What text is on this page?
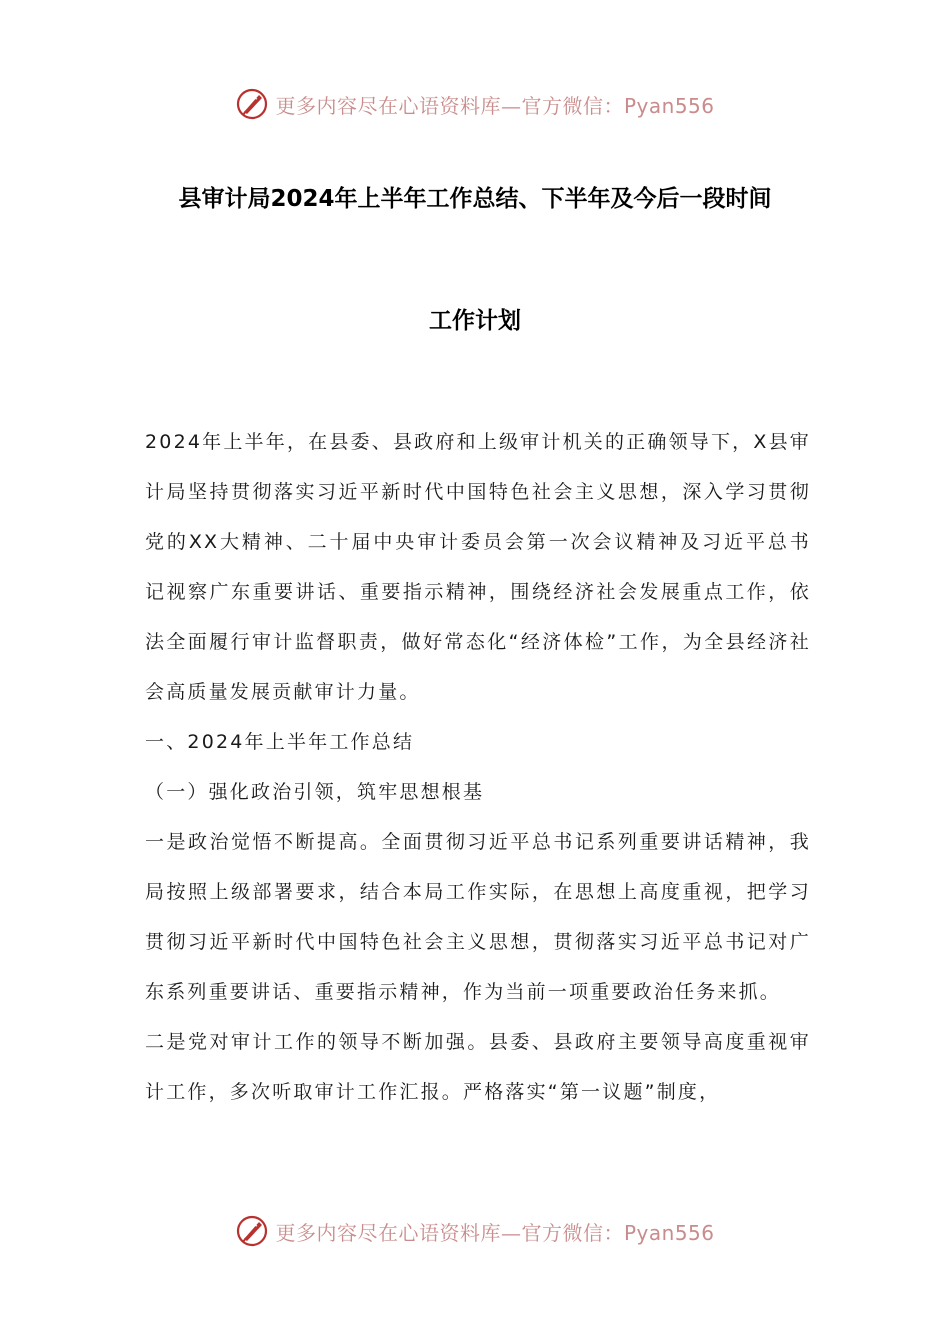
更多内容尽在心语资料库—官方微信：Pyan556
县审计局2024年上半年工作总结、下半年及今后一段时间
工作计划

2024年上半年，在县委、县政府和上级审计机关的正确领导下，X县审计局坚持贯彻落实习近平新时代中国特色社会主义思想，深入学习贯彻党的XX大精神、二十届中央审计委员会第一次会议精神及习近平总书记视察广东重要讲话、重要指示精神，围绕经济社会发展重点工作，依法全面履行审计监督职责，做好常态化“经济体检”工作，为全县经济社会高质量发展贡献审计力量。

一、2024年上半年工作总结

（一）强化政治引领，筑牢思想根基

一是政治觉悟不断提高。全面贯彻习近平总书记系列重要讲话精神，我局按照上级部署要求，结合本局工作实际，在思想上高度重视，把学习贯彻习近平新时代中国特色社会主义思想，贯彻落实习近平总书记对广东系列重要讲话、重要指示精神，作为当前一项重要政治任务来抓。

二是党对审计工作的领导不断加强。县委、县政府主要领导高度重视审计工作，多次听取审计工作汇报。严格落实“第一议题”制度，

更多内容尽在心语资料库—官方微信：Pyan556
